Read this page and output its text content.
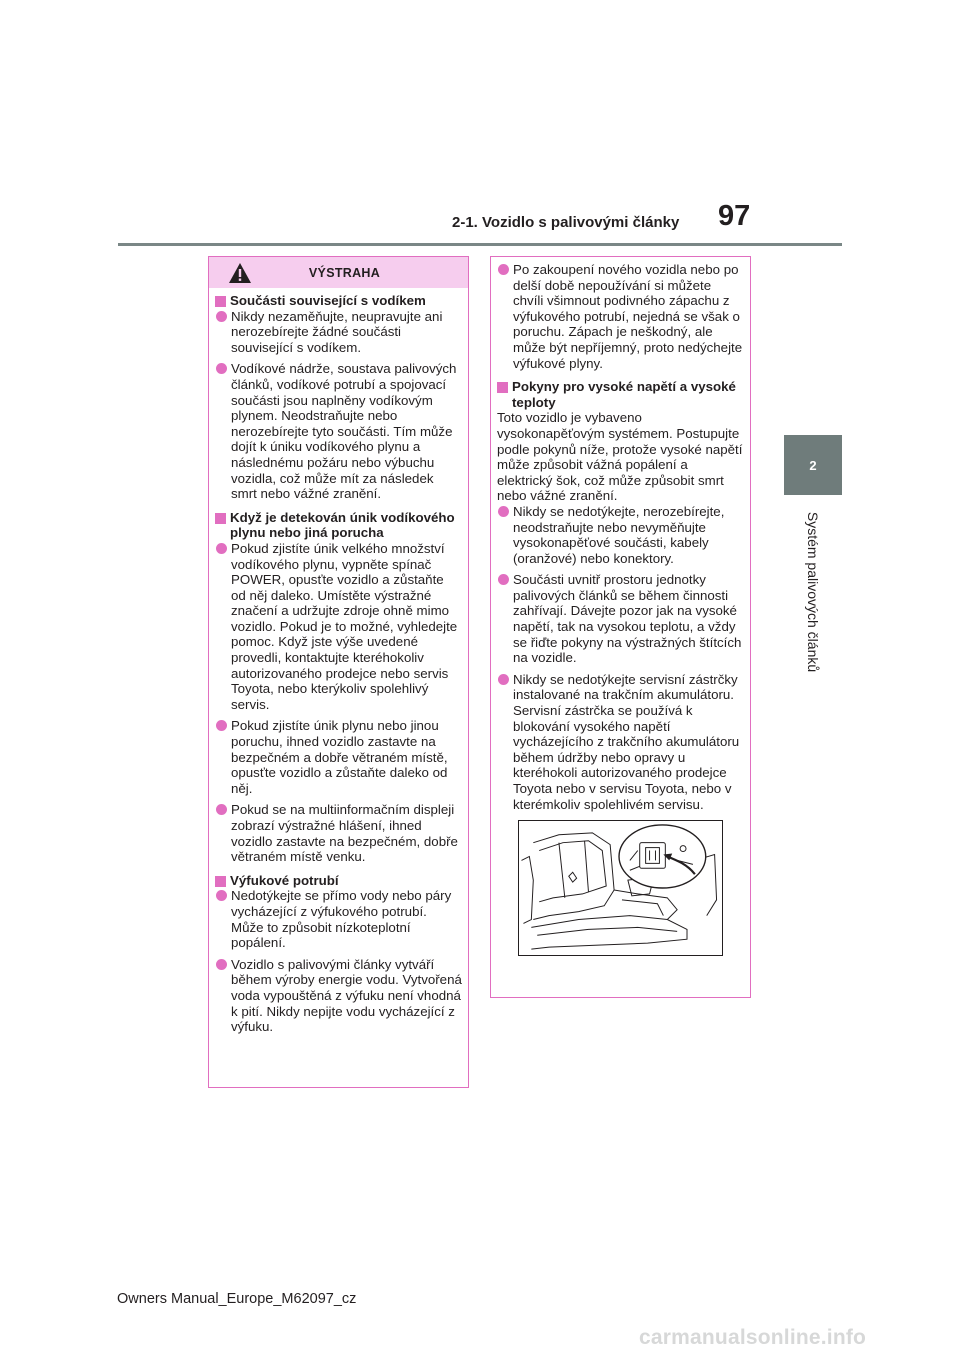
2-1. Vozidlo s palivovými články 97
2
Systém palivových článků
VÝSTRAHA
Součásti související s vodíkem
Nikdy nezaměňujte, neupravujte ani nerozebírejte žádné součásti související s vodíkem.
Vodíkové nádrže, soustava palivových článků, vodíkové potrubí a spojovací součásti jsou naplněny vodíkovým plynem. Neodstraňujte nebo nerozebírejte tyto součásti. Tím může dojít k úniku vodíkového plynu a následnému požáru nebo výbuchu vozidla, což může mít za následek smrt nebo vážné zranění.
Když je detekován únik vodíkového plynu nebo jiná porucha
Pokud zjistíte únik velkého množství vodíkového plynu, vypněte spínač POWER, opusťte vozidlo a zůstaňte od něj daleko. Umístěte výstražné značení a udržujte zdroje ohně mimo vozidlo. Pokud je to možné, vyhledejte pomoc. Když jste výše uvedené provedli, kontaktujte kteréhokoliv autorizovaného prodejce nebo servis Toyota, nebo kterýkoliv spolehlivý servis.
Pokud zjistíte únik plynu nebo jinou poruchu, ihned vozidlo zastavte na bezpečném a dobře větraném místě, opusťte vozidlo a zůstaňte daleko od něj.
Pokud se na multiinformačním displeji zobrazí výstražné hlášení, ihned vozidlo zastavte na bezpečném, dobře větraném místě venku.
Výfukové potrubí
Nedotýkejte se přímo vody nebo páry vycházející z výfukového potrubí. Může to způsobit nízkoteplotní popálení.
Vozidlo s palivovými články vytváří během výroby energie vodu. Vytvořená voda vypouštěná z výfuku není vhodná k pití. Nikdy nepijte vodu vycházející z výfuku.
Po zakoupení nového vozidla nebo po delší době nepoužívání si můžete chvíli všimnout podivného zápachu z výfukového potrubí, nejedná se však o poruchu. Zápach je neškodný, ale může být nepříjemný, proto nedýchejte výfukové plyny.
Pokyny pro vysoké napětí a vysoké teploty
Toto vozidlo je vybaveno vysokonapěťovým systémem. Postupujte podle pokynů níže, protože vysoké napětí může způsobit vážná popálení a elektrický šok, což může způsobit smrt nebo vážné zranění.
Nikdy se nedotýkejte, nerozebírejte, neodstraňujte nebo nevyměňujte vysokonapěťové součásti, kabely (oranžové) nebo konektory.
Součásti uvnitř prostoru jednotky palivových článků se během činnosti zahřívají. Dávejte pozor jak na vysoké napětí, tak na vysokou teplotu, a vždy se řiďte pokyny na výstražných štítcích na vozidle.
Nikdy se nedotýkejte servisní zástrčky instalované na trakčním akumulátoru. Servisní zástrčka se používá k blokování vysokého napětí vycházejícího z trakčního akumulátoru během údržby nebo opravy u kteréhokoli autorizovaného prodejce Toyota nebo v servisu Toyota, nebo v kterémkoliv spolehlivém servisu.
Owners Manual_Europe_M62097_cz
carmanualsonline.info
